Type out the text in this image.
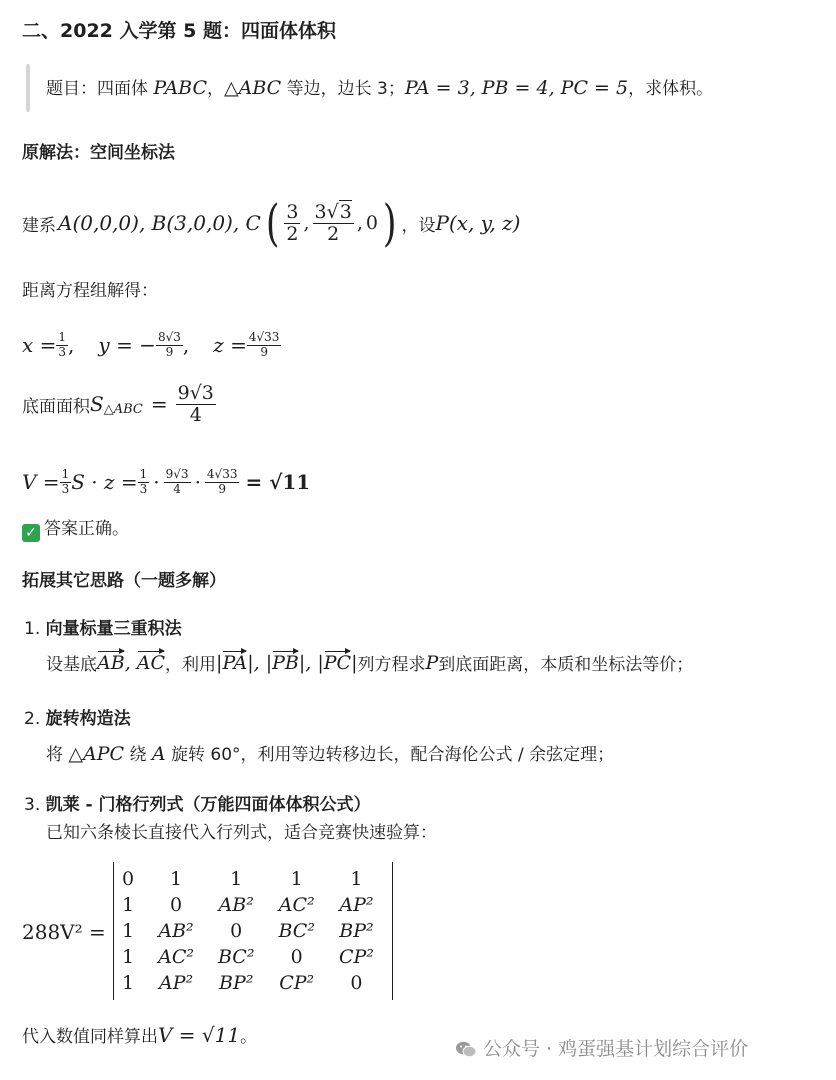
二、2022 入学第 5 题：四面体体积
题目：四面体 PABC，△ABC 等边，边长 3；PA = 3, PB = 4, PC = 5，求体积。
原解法：空间坐标法
建系 A(0,0,0), B(3,0,0), C ( $\frac{3}{2}$ , $\frac{3√3}{2}$ , 0 ) ，设 P(x, y, z)
距离方程组解得：
$x = \frac{1}{3}$ , y = − $\frac{8√3}{9}$ , $z = \frac{4√33}{9}$
底面面积 $S_{\triangle ABC} = \frac{9√3}{4}$
$V = \frac{1}{3}$ $S \cdot z = \frac{1}{3} \cdot \frac{9√3}{4} \cdot \frac{4√33}{9} = √11$
✓ 答案正确。
拓展其它思路（一题多解）
1. 向量标量三重积法
设基底 AB, AC ，利用 |PA|, |PB|, |PC| 列方程求 P 到底面距离，本质和坐标法等价；
2. 旋转构造法
将 △APC 绕 A 旋转 60°，利用等边转移边长，配合海伦公式 / 余弦定理；
3. 凯莱 - 门格行列式（万能四面体体积公式）
已知六条棱长直接代入行列式，适合竞赛快速验算：
288V² =
0	1	1	1	1
1	0	AB²	AC²	AP²
1	AB²	0	BC²	BP²
1	AC²	BC²	0	CP²
1	AP²	BP²	CP²	0
代入数值同样算出 V = √11 。
公众号 · 鸡蛋强基计划综合评价
